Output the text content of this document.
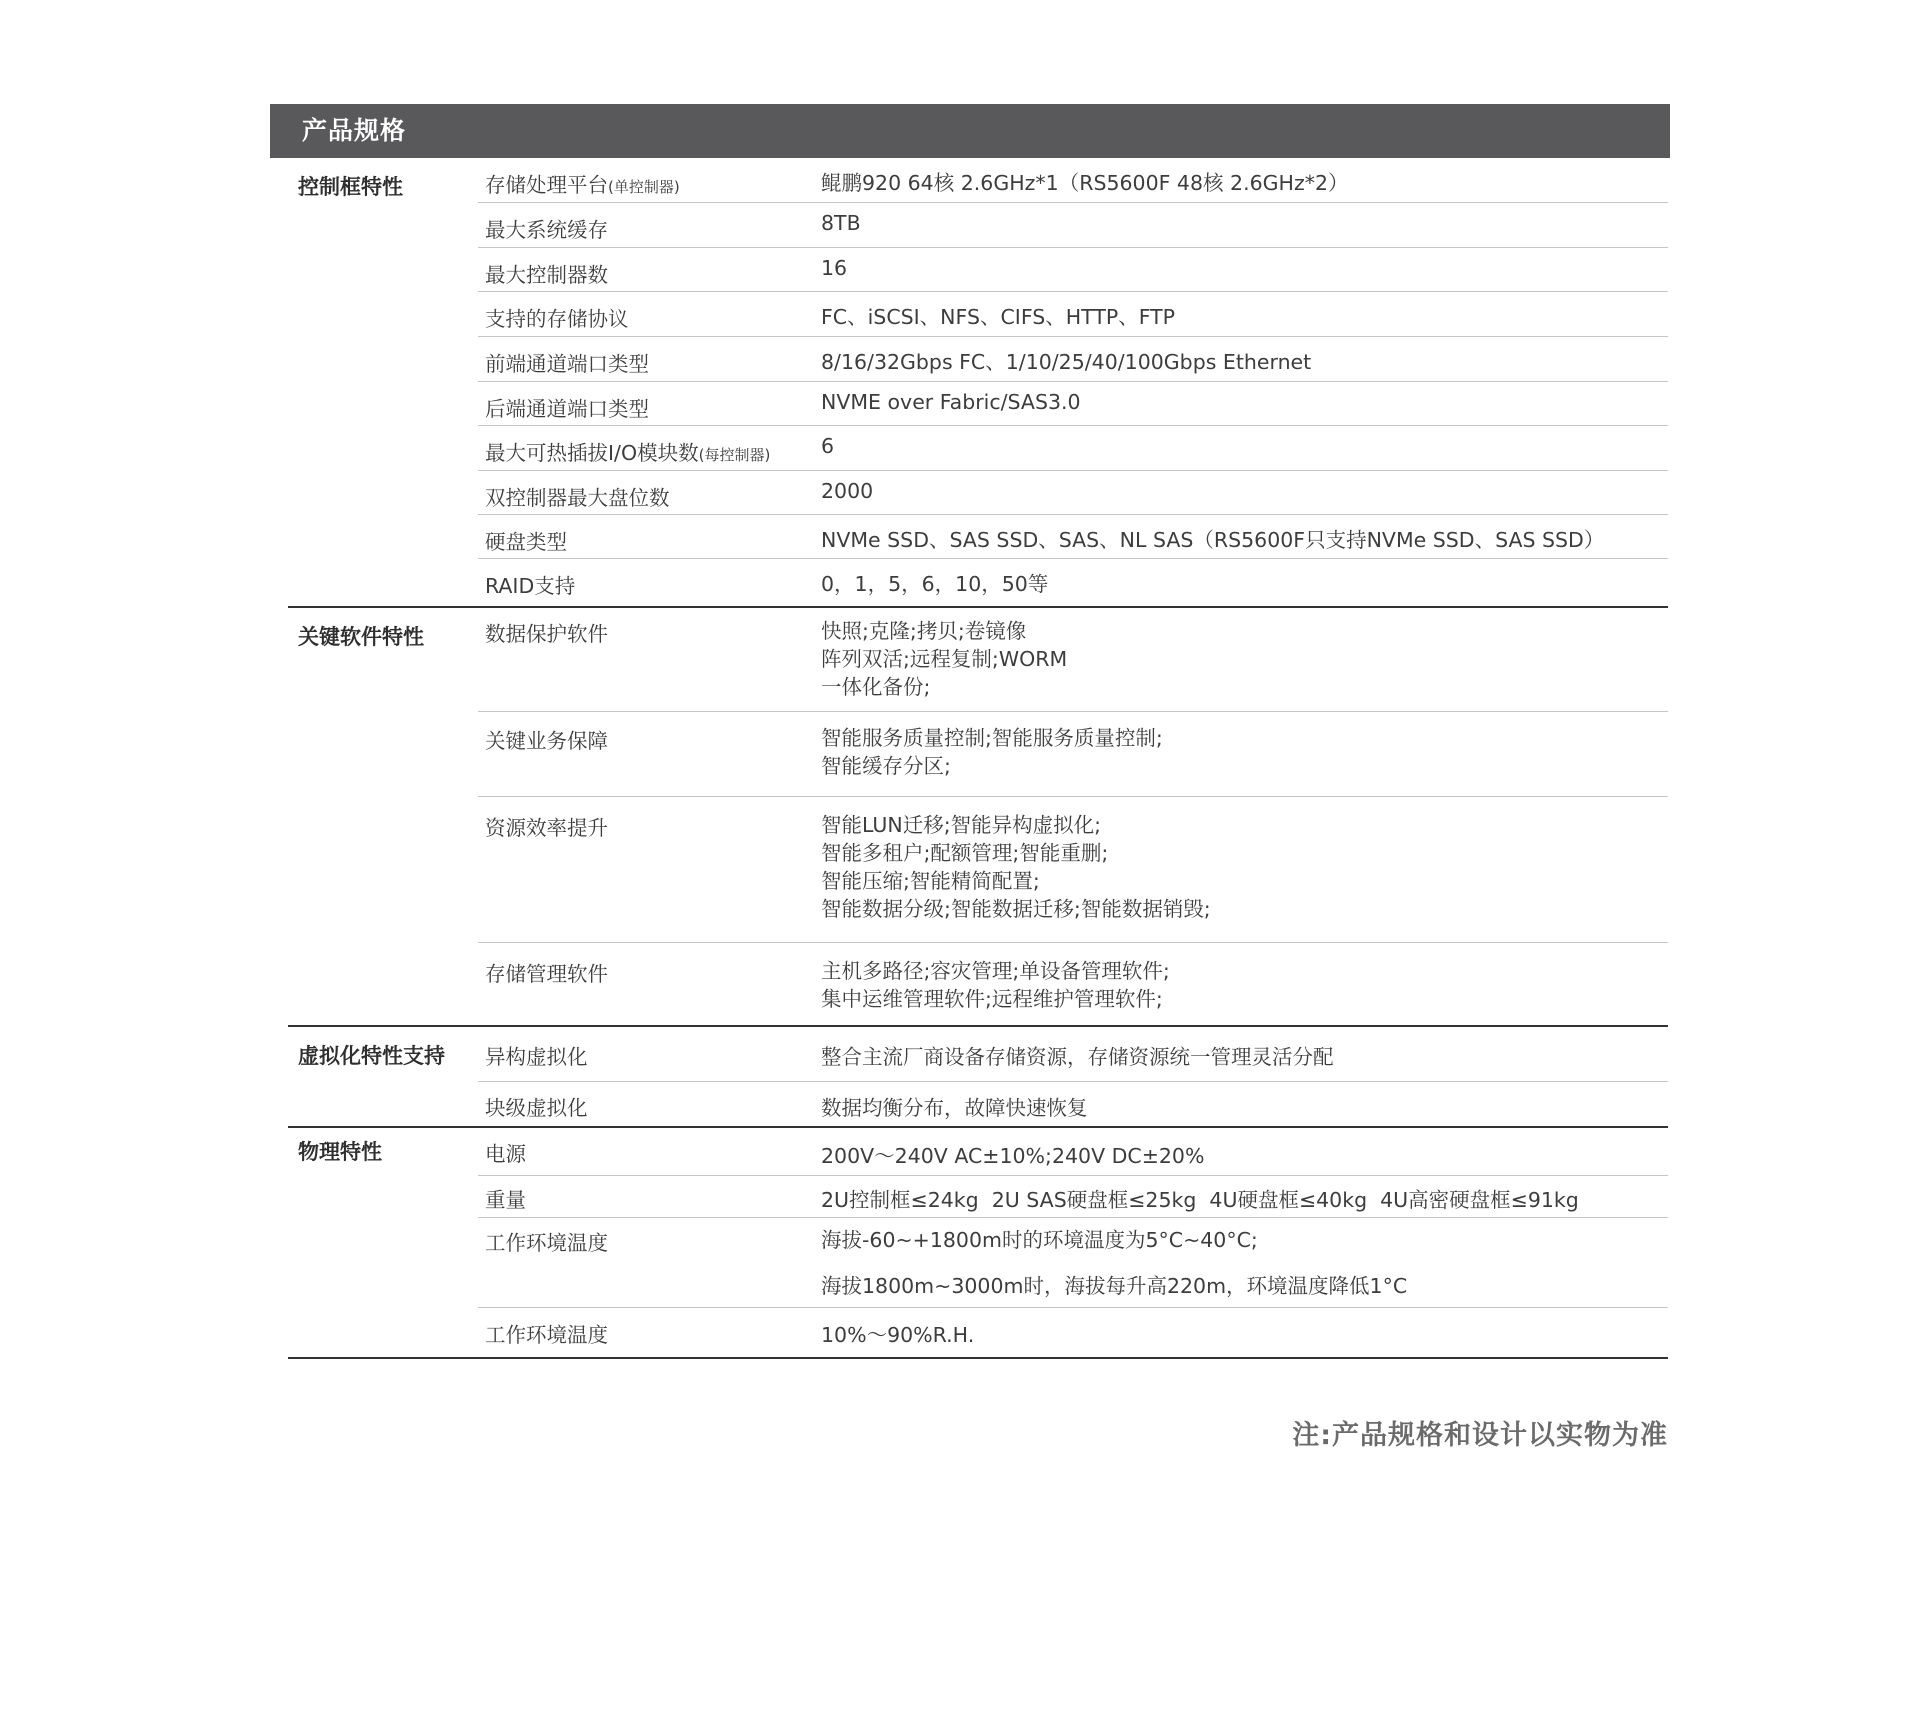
产品规格
控制框特性	存储处理平台(单控制器)	鲲鹏920 64核 2.6GHz*1（RS5600F 48核 2.6GHz*2）
最大系统缓存	8TB
最大控制器数	16
支持的存储协议	FC、iSCSI、NFS、CIFS、HTTP、FTP
前端通道端口类型	8/16/32Gbps FC、1/10/25/40/100Gbps Ethernet
后端通道端口类型	NVME over Fabric/SAS3.0
最大可热插拔I/O模块数(每控制器)	6
双控制器最大盘位数	2000
硬盘类型	NVMe SSD、SAS SSD、SAS、NL SAS（RS5600F只支持NVMe SSD、SAS SSD）
RAID支持	0，1，5，6，10，50等
关键软件特性	数据保护软件	快照;克隆;拷贝;卷镜像
阵列双活;远程复制;WORM
一体化备份;
关键业务保障	智能服务质量控制;智能服务质量控制;
智能缓存分区;
资源效率提升	智能LUN迁移;智能异构虚拟化;
智能多租户;配额管理;智能重删;
智能压缩;智能精简配置;
智能数据分级;智能数据迁移;智能数据销毁;
存储管理软件	主机多路径;容灾管理;单设备管理软件;
集中运维管理软件;远程维护管理软件;
虚拟化特性支持	异构虚拟化	整合主流厂商设备存储资源，存储资源统一管理灵活分配
块级虚拟化	数据均衡分布，故障快速恢复
物理特性	电源	200V～240V AC±10%;240V DC±20%
重量	2U控制框≤24kg  2U SAS硬盘框≤25kg  4U硬盘框≤40kg  4U高密硬盘框≤91kg
工作环境温度	海拔-60~+1800m时的环境温度为5°C~40°C;
海拔1800m~3000m时，海拔每升高220m，环境温度降低1°C
工作环境温度	10%～90%R.H.
注:产品规格和设计以实物为准
